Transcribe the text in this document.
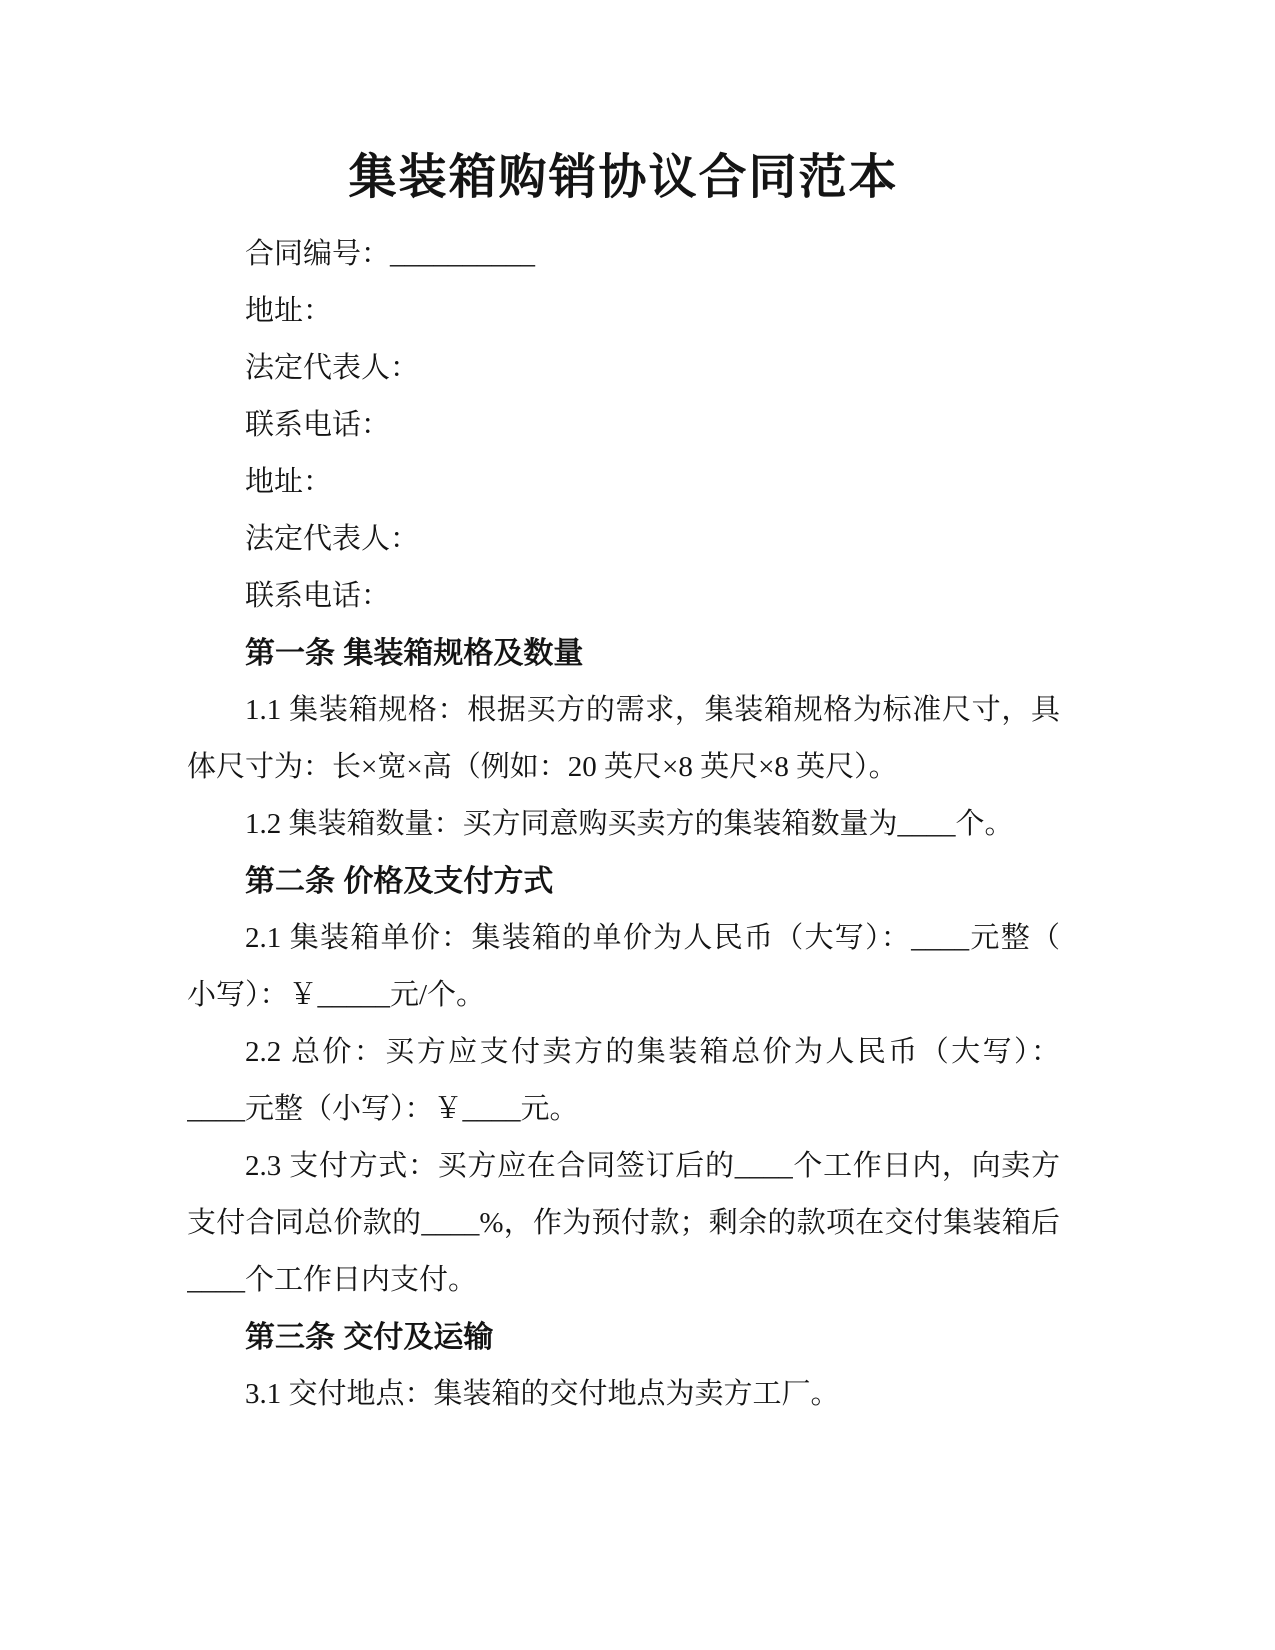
集装箱购销协议合同范本
合同编号：__________
地址：
法定代表人：
联系电话：
地址：
法定代表人：
联系电话：
第一条 集装箱规格及数量
1.1 集装箱规格：根据买方的需求，集装箱规格为标准尺寸，具
体尺寸为：长×宽×高（例如：20 英尺×8 英尺×8 英尺）。
1.2 集装箱数量：买方同意购买卖方的集装箱数量为____个。
第二条 价格及支付方式
2.1 集装箱单价：集装箱的单价为人民币（大写）：____元整（
小写）：￥_____元/个。
2.2 总价：买方应支付卖方的集装箱总价为人民币（大写）：
____元整（小写）：￥____元。
2.3 支付方式：买方应在合同签订后的____个工作日内，向卖方
支付合同总价款的____%，作为预付款；剩余的款项在交付集装箱后
____个工作日内支付。
第三条 交付及运输
3.1 交付地点：集装箱的交付地点为卖方工厂。
